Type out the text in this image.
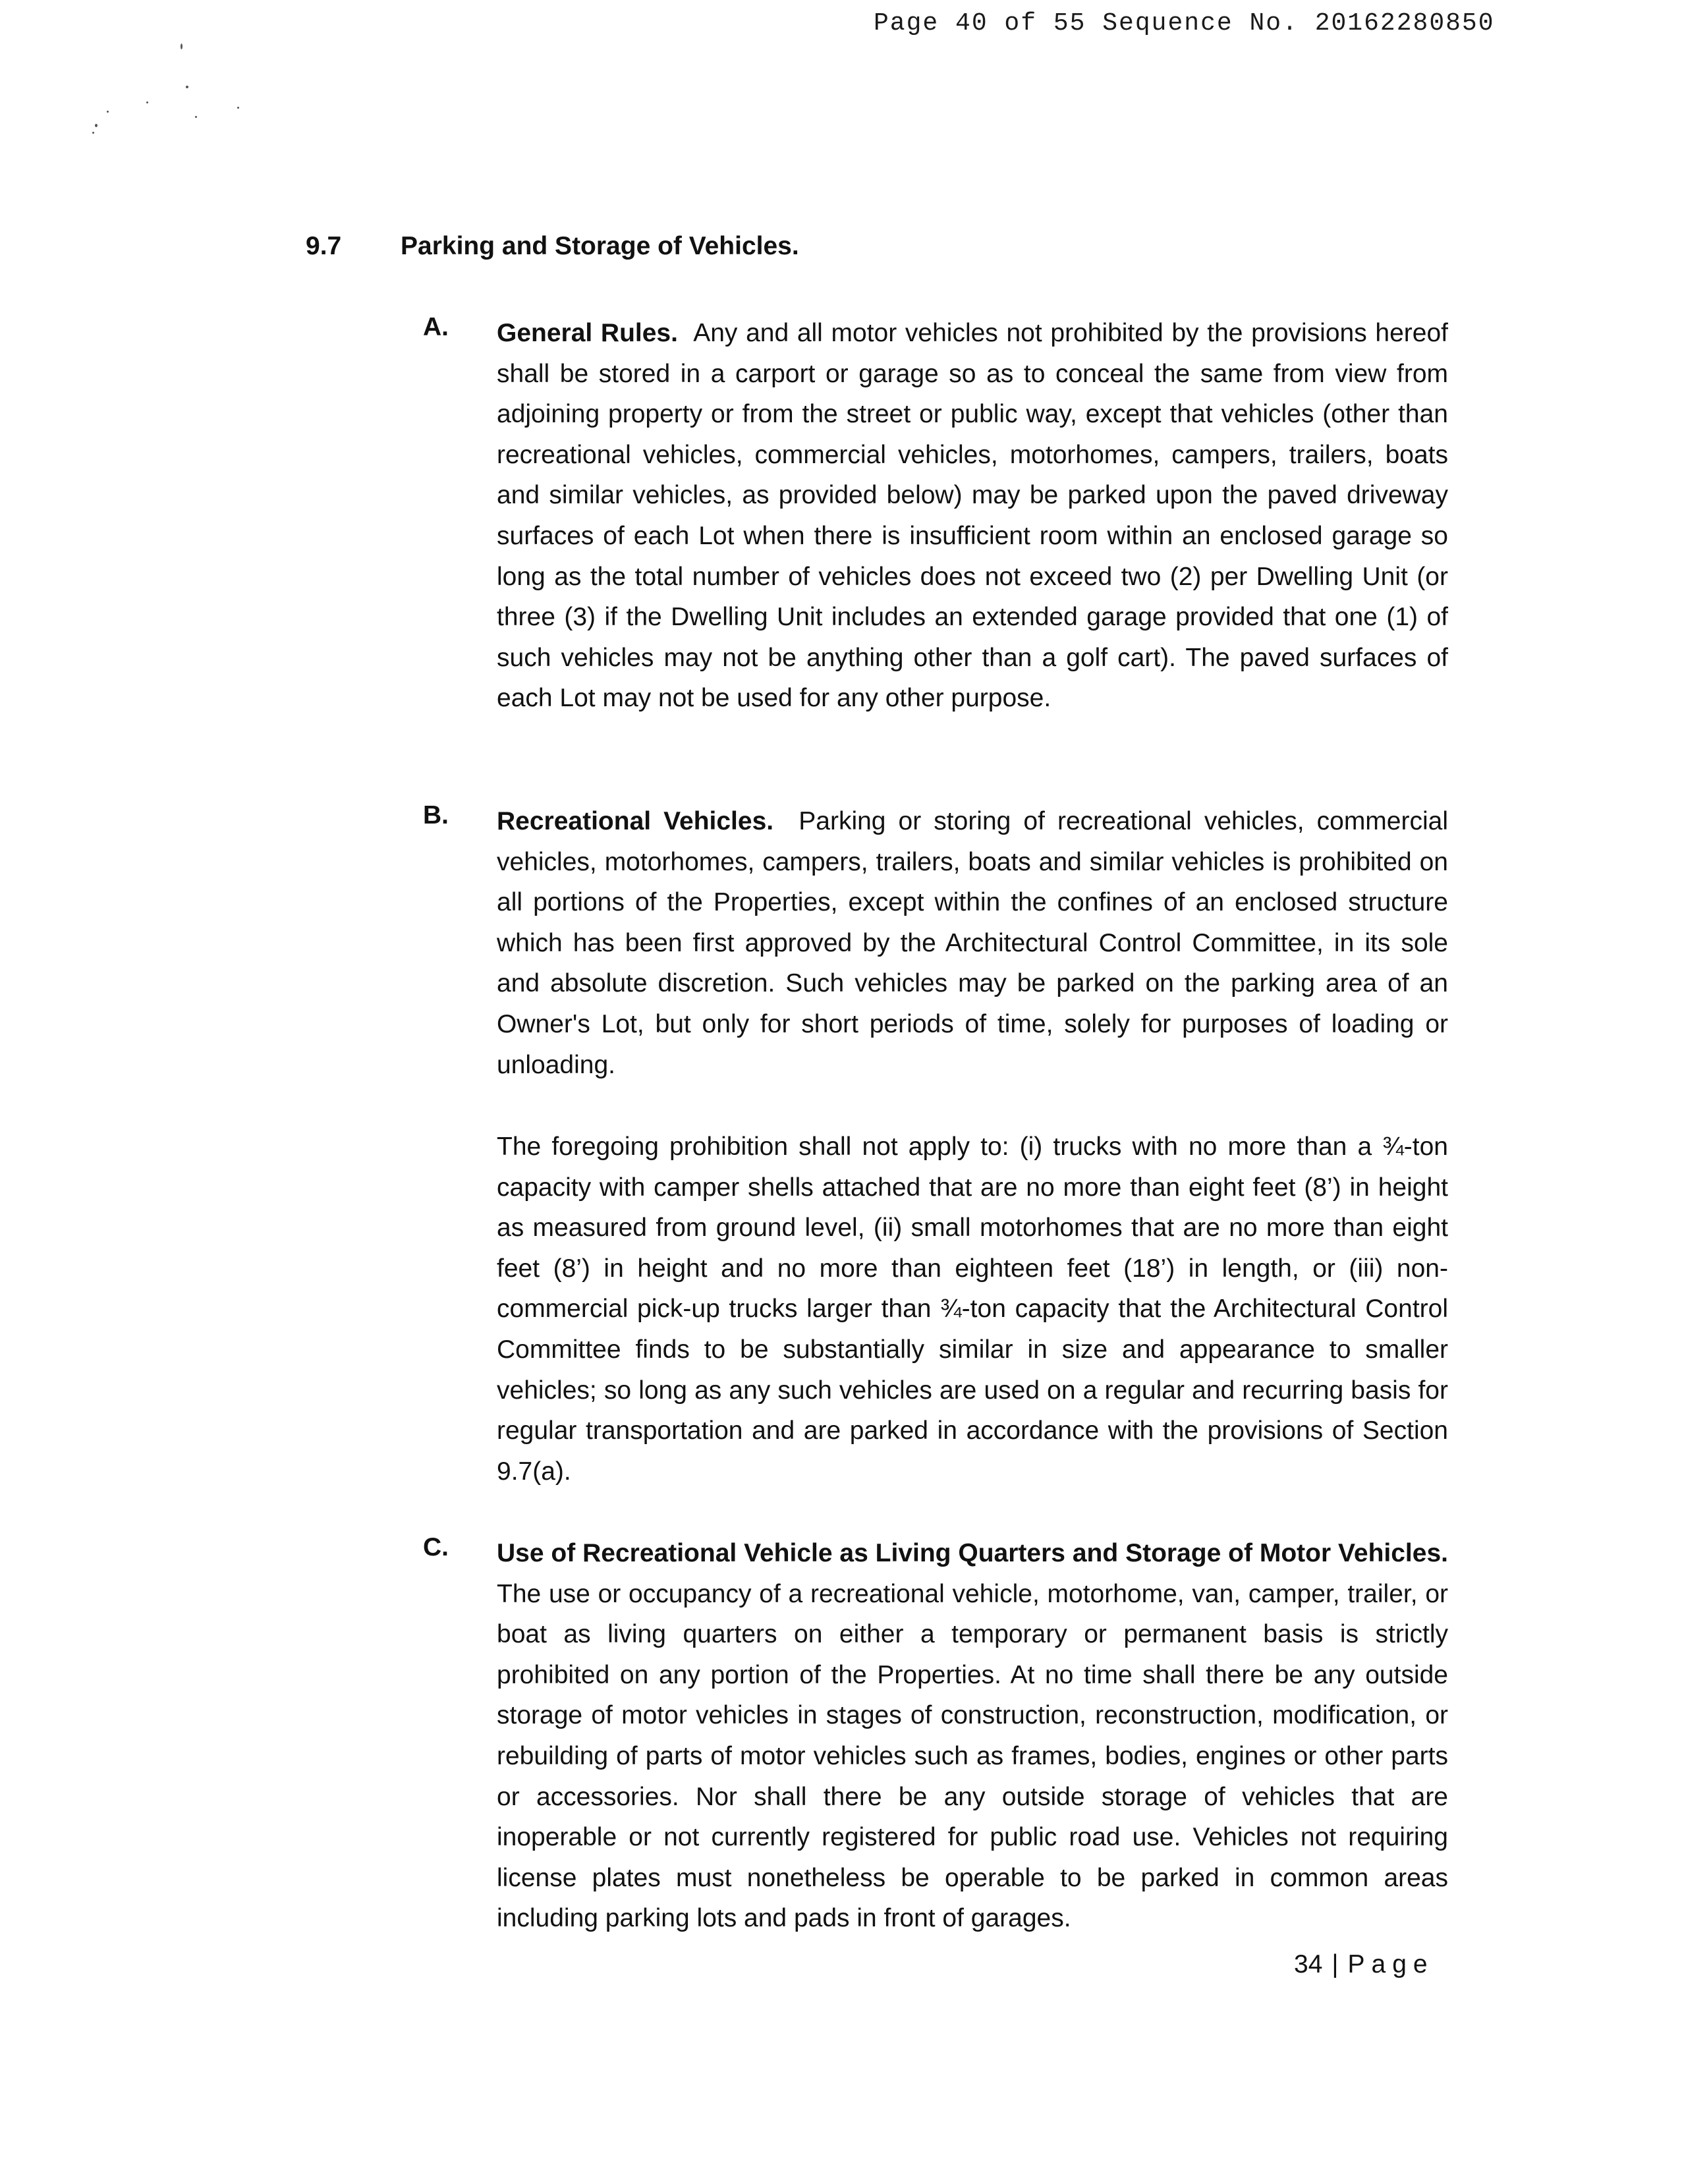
Page 40 of 55 Sequence No. 20162280850
9.7 Parking and Storage of Vehicles.
A. General Rules. Any and all motor vehicles not prohibited by the provisions hereof shall be stored in a carport or garage so as to conceal the same from view from adjoining property or from the street or public way, except that vehicles (other than recreational vehicles, commercial vehicles, motorhomes, campers, trailers, boats and similar vehicles, as provided below) may be parked upon the paved driveway surfaces of each Lot when there is insufficient room within an enclosed garage so long as the total number of vehicles does not exceed two (2) per Dwelling Unit (or three (3) if the Dwelling Unit includes an extended garage provided that one (1) of such vehicles may not be anything other than a golf cart). The paved surfaces of each Lot may not be used for any other purpose.
B. Recreational Vehicles. Parking or storing of recreational vehicles, commercial vehicles, motorhomes, campers, trailers, boats and similar vehicles is prohibited on all portions of the Properties, except within the confines of an enclosed structure which has been first approved by the Architectural Control Committee, in its sole and absolute discretion. Such vehicles may be parked on the parking area of an Owner's Lot, but only for short periods of time, solely for purposes of loading or unloading.
The foregoing prohibition shall not apply to: (i) trucks with no more than a ¾-ton capacity with camper shells attached that are no more than eight feet (8’) in height as measured from ground level, (ii) small motorhomes that are no more than eight feet (8’) in height and no more than eighteen feet (18’) in length, or (iii) non-commercial pick-up trucks larger than ¾-ton capacity that the Architectural Control Committee finds to be substantially similar in size and appearance to smaller vehicles; so long as any such vehicles are used on a regular and recurring basis for regular transportation and are parked in accordance with the provisions of Section 9.7(a).
C. Use of Recreational Vehicle as Living Quarters and Storage of Motor Vehicles. The use or occupancy of a recreational vehicle, motorhome, van, camper, trailer, or boat as living quarters on either a temporary or permanent basis is strictly prohibited on any portion of the Properties. At no time shall there be any outside storage of motor vehicles in stages of construction, reconstruction, modification, or rebuilding of parts of motor vehicles such as frames, bodies, engines or other parts or accessories. Nor shall there be any outside storage of vehicles that are inoperable or not currently registered for public road use. Vehicles not requiring license plates must nonetheless be operable to be parked in common areas including parking lots and pads in front of garages.
34 | Page
